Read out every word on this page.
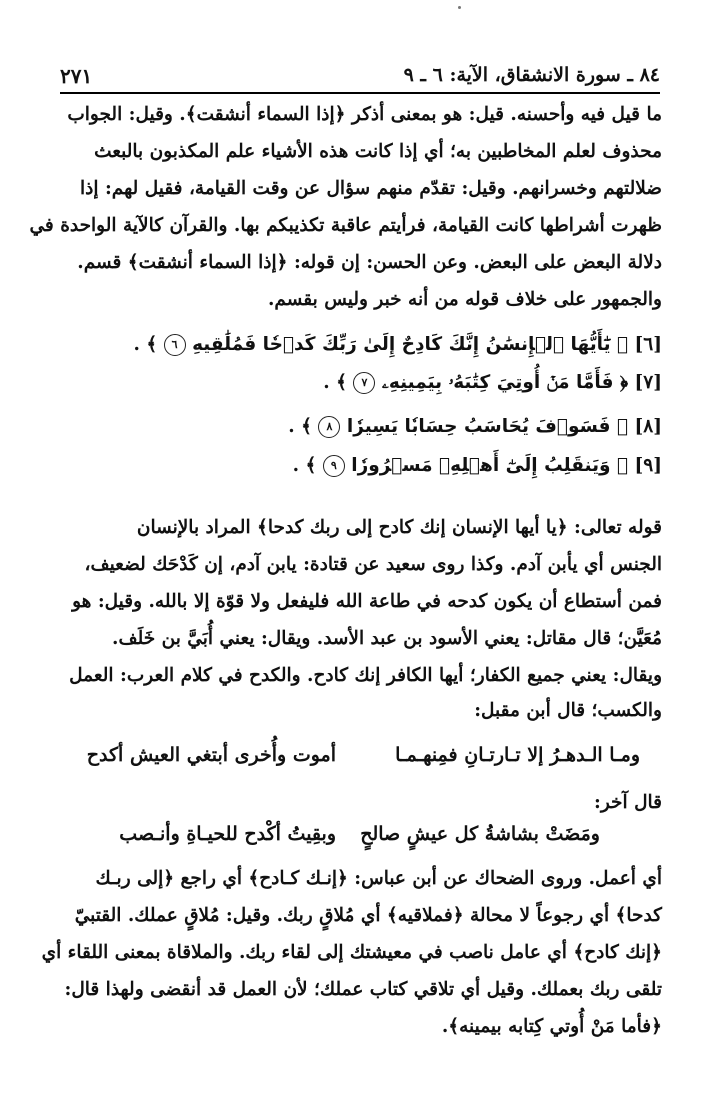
٨٤ ـ سورة الانشقاق، الآية: ٦ ـ ٩
٢٧١
ما قيل فيه وأحسنه. قيل: هو بمعنى أذكر ﴿إذا السماء أنشقت﴾. وقيل: الجواب
محذوف لعلم المخاطبين به؛ أي إذا كانت هذه الأشياء علم المكذبون بالبعث
ضلالتهم وخسرانهم. وقيل: تقدّم منهم سؤال عن وقت القيامة، فقيل لهم: إذا
ظهرت أشراطها كانت القيامة، فرأيتم عاقبة تكذيبكم بها. والقرآن كالآية الواحدة في
دلالة البعض على البعض. وعن الحسن: إن قوله: ﴿إذا السماء أنشقت﴾ قسم.
والجمهور على خلاف قوله من أنه خبر وليس بقسم.
[٦] ﴿ يَٰٓأَيُّهَا ٱلۡإِنسَٰنُ إِنَّكَ كَادِحٌ إِلَىٰ رَبِّكَ كَدۡحٗا فَمُلَٰقِيهِ ٦ ﴾ .
[٧] ﴿ فَأَمَّا مَنۡ أُوتِيَ كِتَٰبَهُۥ بِيَمِينِهِۦ ٧ ﴾ .
[٨] ﴿ فَسَوۡفَ يُحَاسَبُ حِسَابٗا يَسِيرٗا ٨ ﴾ .
[٩] ﴿ وَيَنقَلِبُ إِلَىٰٓ أَهۡلِهِۦ مَسۡرُورٗا ٩ ﴾ .
قوله تعالى: ﴿يا أيها الإنسان إنك كادح إلى ربك كدحا﴾ المراد بالإنسان
الجنس أي يأبن آدم. وكذا روى سعيد عن قتادة: يابن آدم، إن كَدْحَك لضعيف،
فمن أستطاع أن يكون كدحه في طاعة الله فليفعل ولا قوّة إلا بالله. وقيل: هو
مُعَيَّن؛ قال مقاتل: يعني الأسود بن عبد الأسد. ويقال: يعني أُبَيَّ بن خَلَف.
ويقال: يعني جميع الكفار؛ أيها الكافر إنك كادح. والكدح في كلام العرب: العمل
والكسب؛ قال أبن مقبل:
ومـا الـدهـرُ إلا تـارتـانِ فمِنهـمـا
أموت وأُخرى أبتغي العيش أكدح
قال آخر:
ومَضَتْ بشاشةُ كل عيشٍ صالحٍ
وبقِيتُ أكْدح للحيـاةِ وأنـصب
أي أعمل. وروى الضحاك عن أبن عباس: ﴿إنـك كـادح﴾ أي راجع ﴿إلى ربـك
كدحا﴾ أي رجوعاً لا محالة ﴿فملاقيه﴾ أي مُلاقٍ ربك. وقيل: مُلاقٍ عملك. القتبيّ
﴿إنك كادح﴾ أي عامل ناصب في معيشتك إلى لقاء ربك. والملاقاة بمعنى اللقاء أي
تلقى ربك بعملك. وقيل أي تلاقي كتاب عملك؛ لأن العمل قد أنقضى ولهذا قال:
﴿فأما مَنْ أُوتي كِتابه بيمينه﴾.
